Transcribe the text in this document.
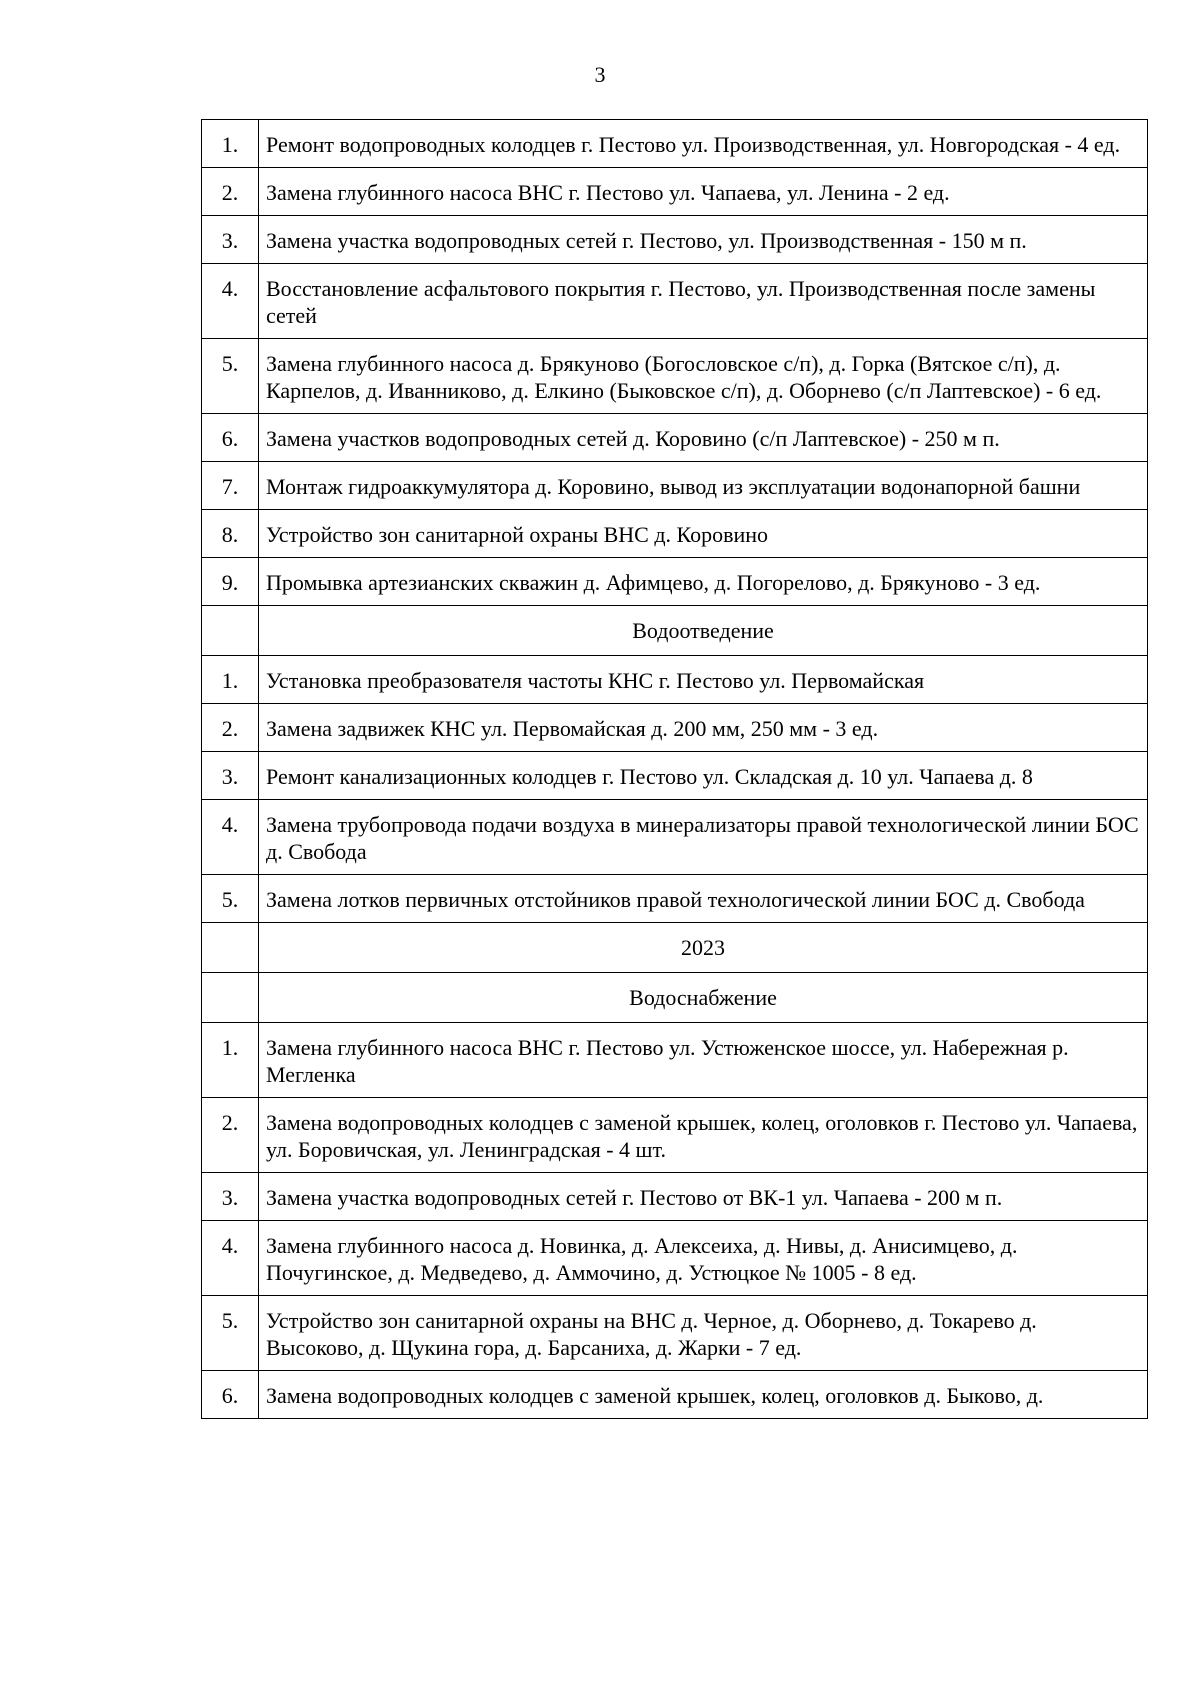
3
1.	Ремонт водопроводных колодцев г. Пестово ул. Производственная, ул. Новгородская - 4 ед.
2.	Замена глубинного насоса ВНС г. Пестово ул. Чапаева, ул. Ленина - 2 ед.
3.	Замена участка водопроводных сетей г. Пестово, ул. Производственная - 150 м п.
4.	Восстановление асфальтового покрытия г. Пестово, ул. Производственная после замены сетей
5.	Замена глубинного насоса д. Брякуново (Богословское с/п), д. Горка (Вятское с/п), д. Карпелов, д. Иванниково, д. Елкино (Быковское с/п), д. Оборнево (с/п Лаптевское) - 6 ед.
6.	Замена участков водопроводных сетей д. Коровино (с/п Лаптевское) - 250 м п.
7.	Монтаж гидроаккумулятора д. Коровино, вывод из эксплуатации водонапорной башни
8.	Устройство зон санитарной охраны ВНС д. Коровино
9.	Промывка артезианских скважин д. Афимцево, д. Погорелово, д. Брякуново - 3 ед.
	Водоотведение
1.	Установка преобразователя частоты КНС г. Пестово ул. Первомайская
2.	Замена задвижек КНС ул. Первомайская д. 200 мм, 250 мм - 3 ед.
3.	Ремонт канализационных колодцев г. Пестово ул. Складская д. 10 ул. Чапаева д. 8
4.	Замена трубопровода подачи воздуха в минерализаторы правой технологической линии БОС д. Свобода
5.	Замена лотков первичных отстойников правой технологической линии БОС д. Свобода
	2023
	Водоснабжение
1.	Замена глубинного насоса ВНС г. Пестово ул. Устюженское шоссе, ул. Набережная р. Мегленка
2.	Замена водопроводных колодцев с заменой крышек, колец, оголовков г. Пестово ул. Чапаева, ул. Боровичская, ул. Ленинградская - 4 шт.
3.	Замена участка водопроводных сетей г. Пестово от ВК-1 ул. Чапаева - 200 м п.
4.	Замена глубинного насоса д. Новинка, д. Алексеиха, д. Нивы, д. Анисимцево, д. Почугинское, д. Медведево, д. Аммочино, д. Устюцкое № 1005 - 8 ед.
5.	Устройство зон санитарной охраны на ВНС д. Черное, д. Оборнево, д. Токарево д. Высоково, д. Щукина гора, д. Барсаниха, д. Жарки - 7 ед.
6.	Замена водопроводных колодцев с заменой крышек, колец, оголовков д. Быково, д.
